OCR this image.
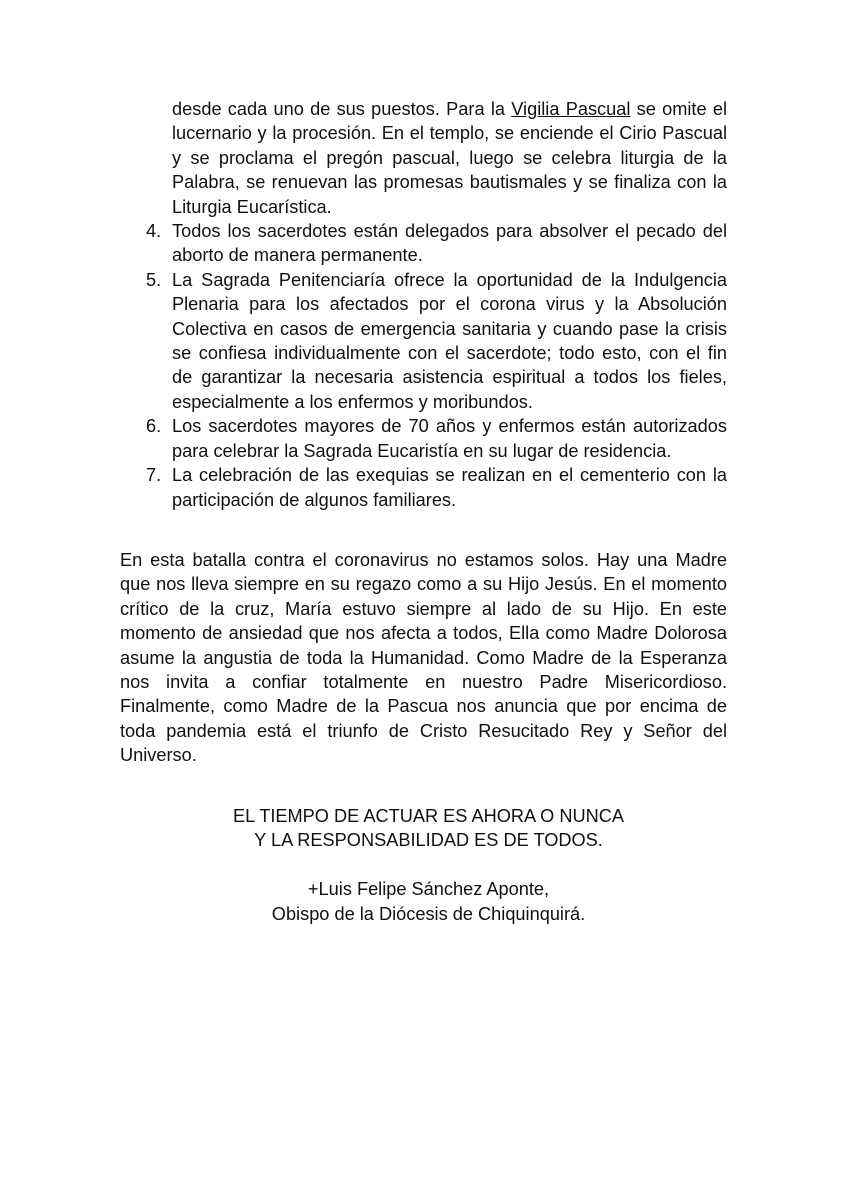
desde cada uno de sus puestos. Para la Vigilia Pascual se omite el lucernario y la procesión. En el templo, se enciende el Cirio Pascual y se proclama el pregón pascual, luego se celebra liturgia de la Palabra, se renuevan las promesas bautismales y se finaliza con la Liturgia Eucarística.

4. Todos los sacerdotes están delegados para absolver el pecado del aborto de manera permanente.
5. La Sagrada Penitenciaría ofrece la oportunidad de la Indulgencia Plenaria para los afectados por el corona virus y la Absolución Colectiva en casos de emergencia sanitaria y cuando pase la crisis se confiesa individualmente con el sacerdote; todo esto, con el fin de garantizar la necesaria asistencia espiritual a todos los fieles, especialmente a los enfermos y moribundos.
6. Los sacerdotes mayores de 70 años y enfermos están autorizados para celebrar la Sagrada Eucaristía en su lugar de residencia.
7. La celebración de las exequias se realizan en el cementerio con la participación de algunos familiares.

En esta batalla contra el coronavirus no estamos solos. Hay una Madre que nos lleva siempre en su regazo como a su Hijo Jesús. En el momento crítico de la cruz, María estuvo siempre al lado de su Hijo. En este momento de ansiedad que nos afecta a todos, Ella como Madre Dolorosa asume la angustia de toda la Humanidad. Como Madre de la Esperanza nos invita a confiar totalmente en nuestro Padre Misericordioso. Finalmente, como Madre de la Pascua nos anuncia que por encima de toda pandemia está el triunfo de Cristo Resucitado Rey y Señor del Universo.

EL TIEMPO DE ACTUAR ES AHORA O NUNCA
Y LA RESPONSABILIDAD ES DE TODOS.
+Luis Felipe Sánchez Aponte,
Obispo de la Diócesis de Chiquinquirá.
